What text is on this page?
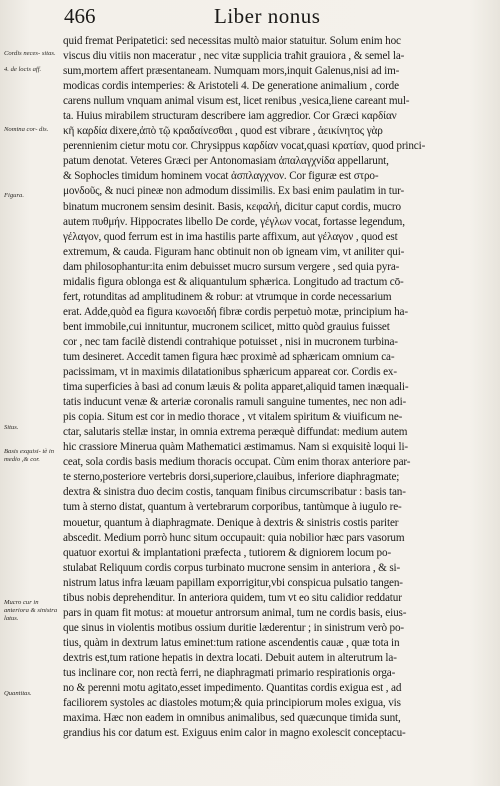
466	Liber nonus
Cordis neces- sitas.
4. de locis aff.
Nomina cor- dis.
Figura.
Situs.
Basis exquisi- tè in medio ,& cor.
Mucro cur in anteriora & sinistra latus.
Quantitas.
quid fremat Peripatetici: sed necessitas multò maior statuitur. Solum enim hoc
viscus diu vitiis non maceratur , nec vitæ supplicia traħit grauiora , & semel la-
sum,mortem affert præsentaneam. Numquam mors,inquit Galenus,nisi ad im-
modicas cordis intemperies: & Aristoteli 4. De generatione animalium , corde
carens nullum vnquam animal visum est, licet renibus ,vesica,liene careant mul-
ta. Huius mirabilem structuram describere iam aggredior. Cor Græci καρδίαν
κῆ καρδία dixere,ἀπὸ τῷ κραδαίνεσθαι , quod est vibrare , ἀεικίνητος γὰρ
perennienim cietur motu cor. Chrysippus καρδίαν vocat,quasi κρατίαν, quod princi-
patum denotat. Veteres Græci per Antonomasiam ἀπαλαγχνίδα appellarunt,
& Sophocles timidum hominem vocat ἀσπλαγχνον. Cor figuræ est στρο-
μονδοῦς, & nuci pineæ non admodum dissimilis. Ex basi enim paulatim in tur-
binatum mucronem sensim desinit. Basis, κεφαλή, dicitur caput cordis, mucro
autem πυθμήν. Hippocrates libello De corde, γέγλων vocat, fortasse legendum,
γέλαγον, quod ferrum est in ima hastilis parte affixum, aut γέλαγον , quod est
extremum, & cauda. Figuram hanc obtinuit non ob igneam vim, vt aniliter qui-
dam philosophantur:ita enim debuisset mucro sursum vergere , sed quia pyra-
midalis figura oblonga est & aliquantulum sphærica. Longitudo ad tractum cō-
fert, rotunditas ad amplitudinem & robur: at vtrumque in corde necessarium
erat. Adde,quòd ea figura κωνοειδή fibræ cordis perpetuò motæ, principium ha-
bent immobile,cui innituntur, mucronem scilicet, mitto quòd grauius fuisset
cor , nec tam facilè distendi contrahique potuisset , nisi in mucronem turbina-
tum desineret. Accedit tamen figura hæc proximè ad sphæricam omnium ca-
pacissimam, vt in maximis dilatationibus sphæricum appareat cor. Cordis ex-
tima superficies à basi ad conum læuis & polita apparet,aliquid tamen inæquali-
tatis inducunt venæ & arteriæ coronalis ramuli sanguine tumentes, nec non adi-
pis copia. Situm est cor in medio thorace , vt vitalem spiritum & viuificum ne-
ctar, salutaris stellæ instar, in omnia extrema peræquè diffundat: medium autem
hic crassiore Minerua quàm Mathematici æstimamus. Nam si exquisitè loqui li-
ceat, sola cordis basis medium thoracis occupat. Cùm enim thorax anteriore par-
te sterno,posteriore vertebris dorsi,superiore,clauibus, inferiore diaphragmate;
dextra & sinistra duo decim costis, tanquam finibus circumscribatur : basis tan-
tum à sterno distat, quantum à vertebrarum corporibus, tantùmque à iugulo re-
mouetur, quantum à diaphragmate. Denique à dextris & sinistris costis pariter
abscedit. Medium porrò hunc situm occupauit: quia nobilior hæc pars vasorum
quatuor exortui & implantationi præfecta , tutiorem & digniorem locum po-
stulabat Reliquum cordis corpus turbinato mucrone sensim in anteriora , & si-
nistrum latus infra læuam papillam exporrigitur,vbi conspicua pulsatio tangen-
tibus nobis deprehenditur. In anteriora quidem, tum vt eo situ calidior reddatur
pars in quam fit motus: at mouetur antrorsum animal, tum ne cordis basis, eius-
que sinus in violentis motibus ossium duritie læderentur ; in sinistrum verò po-
tius, quàm in dextrum latus eminet:tum ratione ascendentis cauæ , quæ tota in
dextris est,tum ratione hepatis in dextra locati. Debuit autem in alterutrum la-
tus inclinare cor, non rectà ferri, ne diaphragmati primario respirationis orga-
no & perenni motu agitato,esset impedimento. Quantitas cordis exigua est , ad
faciliorem systoles ac diastoles motum;& quia principiorum moles exigua, vis
maxima. Hæc non eadem in omnibus animalibus, sed quæcunque timida sunt,
grandius his cor datum est. Exiguus enim calor in magno exolescit conceptacu-
